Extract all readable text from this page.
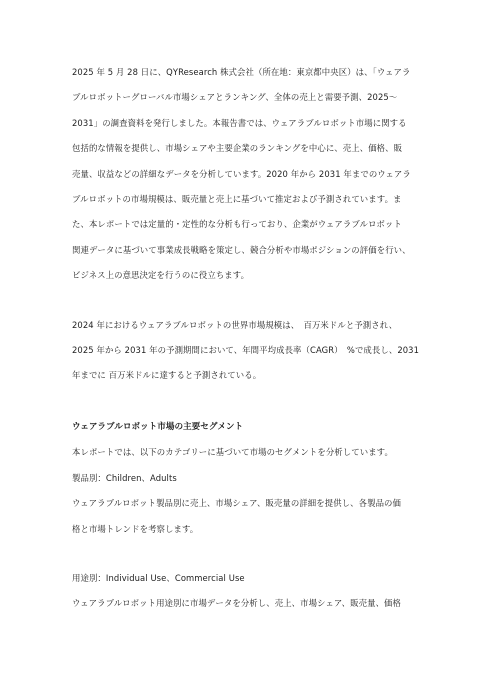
2025 年 5 月 28 日に、QYResearch 株式会社（所在地：東京都中央区）は、「ウェアラ
ブルロボットーグローバル市場シェアとランキング、全体の売上と需要予測、2025〜
2031」の調査資料を発行しました。本報告書では、ウェアラブルロボット市場に関する
包括的な情報を提供し、市場シェアや主要企業のランキングを中心に、売上、価格、販
売量、収益などの詳細なデータを分析しています。2020 年から 2031 年までのウェアラ
ブルロボットの市場規模は、販売量と売上に基づいて推定および予測されています。ま
た、本レポートでは定量的・定性的な分析も行っており、企業がウェアラブルロボット
関連データに基づいて事業成長戦略を策定し、競合分析や市場ポジションの評価を行い、
ビジネス上の意思決定を行うのに役立ちます。

2024 年におけるウェアラブルロボットの世界市場規模は、　百万米ドルと予測され、
2025 年から 2031 年の予測期間において、年間平均成長率（CAGR）　%で成長し、2031
年までに 百万米ドルに達すると予測されている。

ウェアラブルロボット市場の主要セグメント

本レポートでは、以下のカテゴリーに基づいて市場のセグメントを分析しています。

製品別：Children、Adults

ウェアラブルロボット製品別に売上、市場シェア、販売量の詳細を提供し、各製品の価
格と市場トレンドを考察します。

用途別：Individual Use、Commercial Use

ウェアラブルロボット用途別に市場データを分析し、売上、市場シェア、販売量、価格
